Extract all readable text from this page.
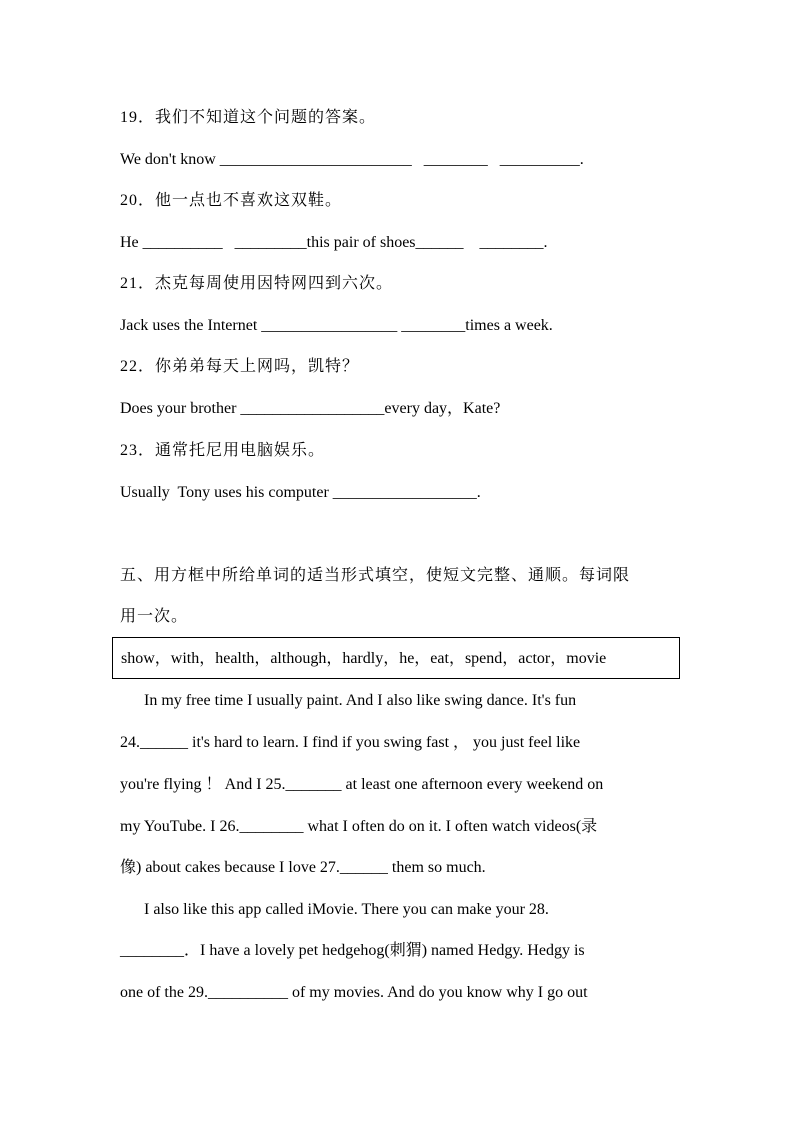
19．我们不知道这个问题的答案。
We don't know ________________________   ________   __________.
20．他一点也不喜欢这双鞋。
He __________   _________this pair of shoes______    ________.
21．杰克每周使用因特网四到六次。
Jack uses the Internet _________________ ________times a week.
22．你弟弟每天上网吗，凯特？
Does your brother __________________every day，Kate?
23．通常托尼用电脑娱乐。
Usually  Tony uses his computer __________________.
五、用方框中所给单词的适当形式填空，使短文完整、通顺。每词限
用一次。
show，with，health，although，hardly，he，eat，spend，actor，movie
In my free time I usually paint. And I also like swing dance. It's fun
24.______ it's hard to learn. I find if you swing fast ， you just feel like
you're flying ！ And I 25._______ at least one afternoon every weekend on
my YouTube. I 26.________ what I often do on it. I often watch videos(录
像) about cakes because I love 27.______ them so much.
I also like this app called iMovie. There you can make your 28.
________．I have a lovely pet hedgehog(刺猬) named Hedgy. Hedgy is
one of the 29.__________ of my movies. And do you know why I go out
